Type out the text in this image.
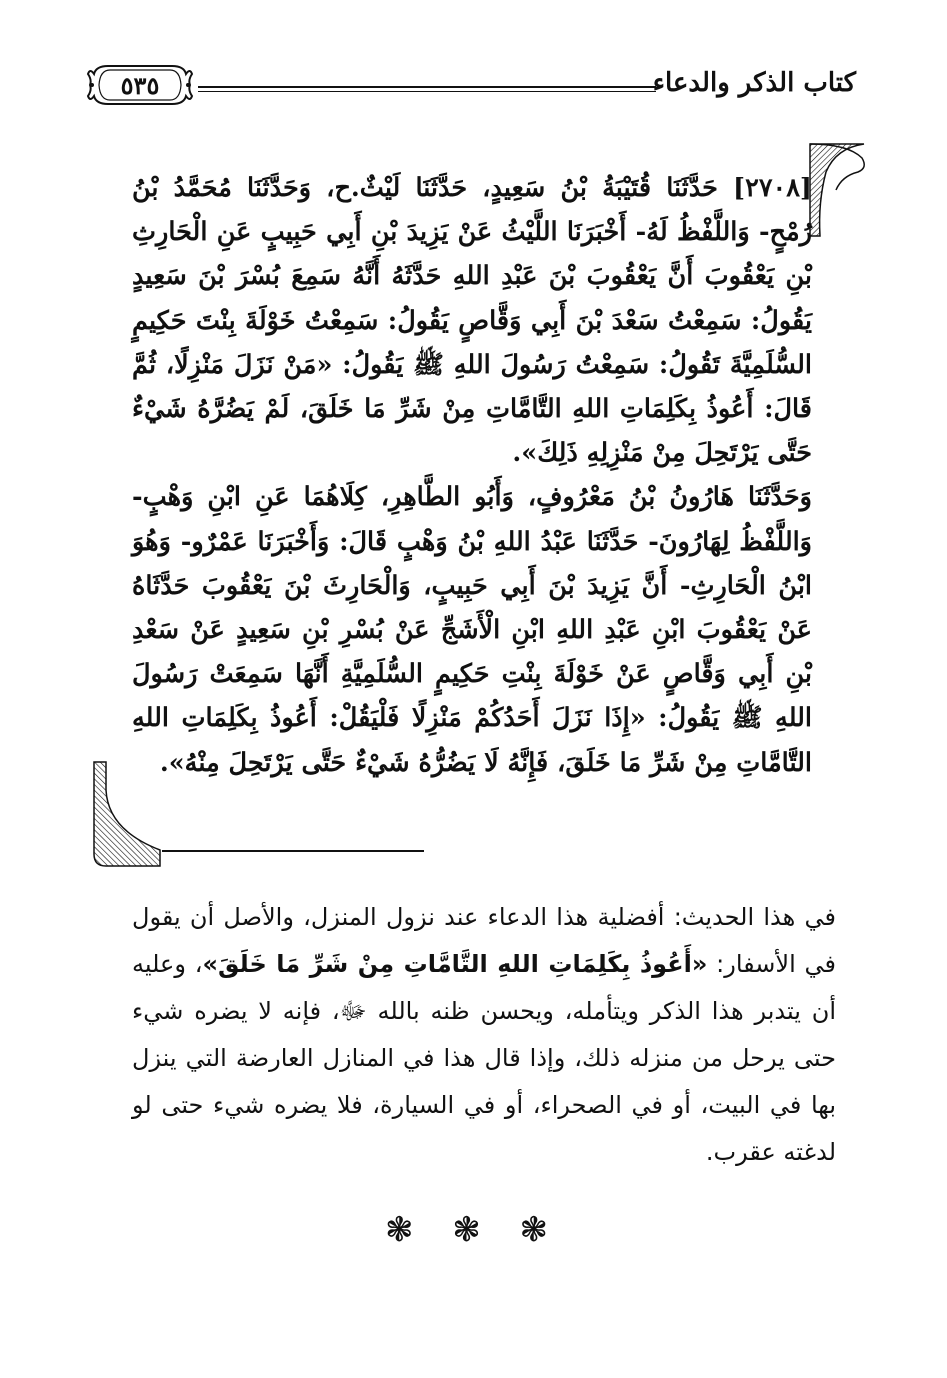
كتاب الذكر والدعاء
٥٣٥

[٢٧٠٨] حَدَّثَنَا قُتَيْبَةُ بْنُ سَعِيدٍ، حَدَّثَنَا لَيْثٌ.ح، وَحَدَّثَنَا مُحَمَّدُ بْنُ رُمْحٍ- وَاللَّفْظُ لَهُ- أَخْبَرَنَا اللَّيْثُ عَنْ يَزِيدَ بْنِ أَبِي حَبِيبٍ عَنِ الْحَارِثِ بْنِ يَعْقُوبَ أَنَّ يَعْقُوبَ بْنَ عَبْدِ اللهِ حَدَّثَهُ أَنَّهُ سَمِعَ بُسْرَ بْنَ سَعِيدٍ يَقُولُ: سَمِعْتُ سَعْدَ بْنَ أَبِي وَقَّاصٍ يَقُولُ: سَمِعْتُ خَوْلَةَ بِنْتَ حَكِيمٍ السُّلَمِيَّةَ تَقُولُ: سَمِعْتُ رَسُولَ اللهِ ﷺ يَقُولُ: «مَنْ نَزَلَ مَنْزِلًا، ثُمَّ قَالَ: أَعُوذُ بِكَلِمَاتِ اللهِ التَّامَّاتِ مِنْ شَرِّ مَا خَلَقَ، لَمْ يَضُرَّهُ شَيْءٌ حَتَّى يَرْتَحِلَ مِنْ مَنْزِلِهِ ذَلِكَ».

وَحَدَّثَنَا هَارُونُ بْنُ مَعْرُوفٍ، وَأَبُو الطَّاهِرِ، كِلَاهُمَا عَنِ ابْنِ وَهْبٍ- وَاللَّفْظُ لِهَارُونَ- حَدَّثَنَا عَبْدُ اللهِ بْنُ وَهْبٍ قَالَ: وَأَخْبَرَنَا عَمْرٌو- وَهُوَ ابْنُ الْحَارِثِ- أَنَّ يَزِيدَ بْنَ أَبِي حَبِيبٍ، وَالْحَارِثَ بْنَ يَعْقُوبَ حَدَّثَاهُ عَنْ يَعْقُوبَ ابْنِ عَبْدِ اللهِ ابْنِ الْأَشَجِّ عَنْ بُسْرِ بْنِ سَعِيدٍ عَنْ سَعْدِ بْنِ أَبِي وَقَّاصٍ عَنْ خَوْلَةَ بِنْتِ حَكِيمٍ السُّلَمِيَّةِ أَنَّهَا سَمِعَتْ رَسُولَ اللهِ ﷺ يَقُولُ: «إِذَا نَزَلَ أَحَدُكُمْ مَنْزِلًا فَلْيَقُلْ: أَعُوذُ بِكَلِمَاتِ اللهِ التَّامَّاتِ مِنْ شَرِّ مَا خَلَقَ، فَإِنَّهُ لَا يَضُرُّهُ شَيْءٌ حَتَّى يَرْتَحِلَ مِنْهُ».

في هذا الحديث: أفضلية هذا الدعاء عند نزول المنزل، والأصل أن يقول في الأسفار: «أَعُوذُ بِكَلِمَاتِ اللهِ التَّامَّاتِ مِنْ شَرِّ مَا خَلَقَ»، وعليه أن يتدبر هذا الذكر ويتأمله، ويحسن ظنه بالله ﷻ، فإنه لا يضره شيء حتى يرحل من منزله ذلك، وإذا قال هذا في المنازل العارضة التي ينزل بها في البيت، أو في الصحراء، أو في السيارة، فلا يضره شيء حتى لو لدغته عقرب.

❃ ❃ ❃
